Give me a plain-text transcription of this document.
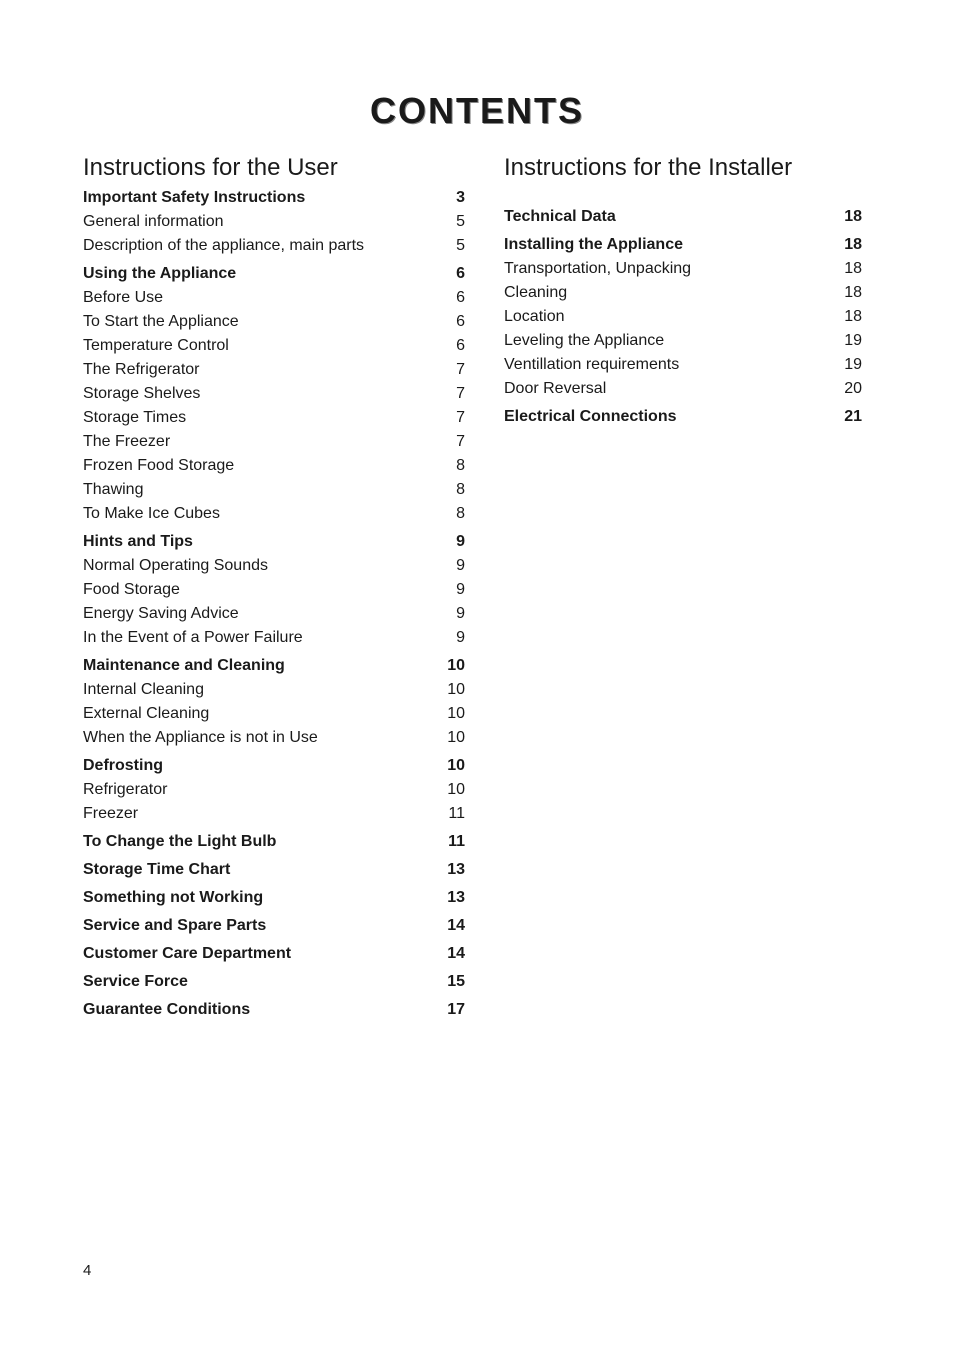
CONTENTS
Instructions for the User
Important Safety Instructions	3
General information	5
Description of the appliance, main parts	5
Using the Appliance	6
Before Use	6
To Start the Appliance	6
Temperature Control	6
The Refrigerator	7
Storage Shelves	7
Storage Times	7
The Freezer	7
Frozen Food Storage	8
Thawing	8
To Make Ice Cubes	8
Hints and Tips	9
Normal Operating Sounds	9
Food Storage	9
Energy Saving Advice	9
In the Event of a Power Failure	9
Maintenance and Cleaning	10
Internal Cleaning	10
External Cleaning	10
When the Appliance is not in Use	10
Defrosting	10
Refrigerator	10
Freezer	11
To Change the Light Bulb	11
Storage Time Chart	13
Something not Working	13
Service and Spare Parts	14
Customer Care Department	14
Service Force	15
Guarantee Conditions	17
Instructions for the Installer
Technical Data	18
Installing the Appliance	18
Transportation, Unpacking	18
Cleaning	18
Location	18
Leveling the Appliance	19
Ventillation requirements	19
Door Reversal	20
Electrical Connections	21
4
